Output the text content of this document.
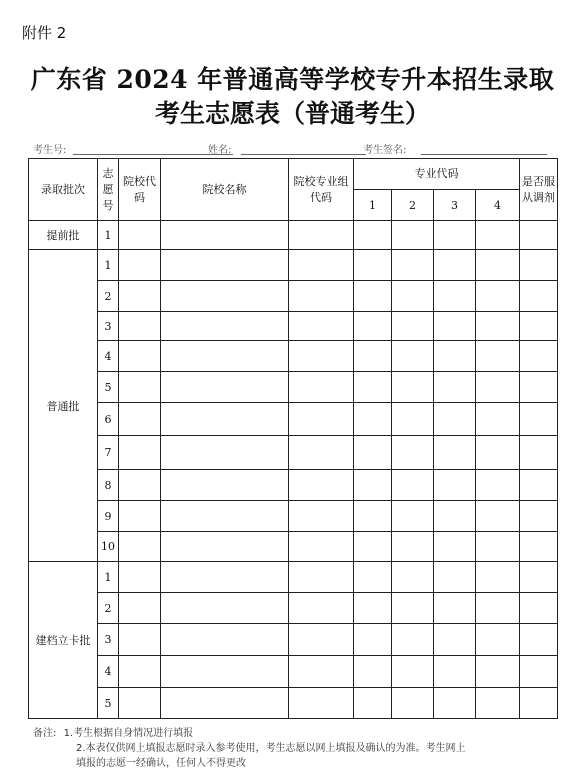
附件 2
广东省 2024 年普通高等学校专升本招生录取
考生志愿表（普通考生）
考生号:	姓名:	考生签名:
录取批次	志愿号	院校代码	院校名称	院校专业组代码	专业代码				是否服从调剂
					1	2	3	4	
提前批	1								
普通批	1								
	2								
	3								
	4								
	5								
	6								
	7								
	8								
	9								
	10								
建档立卡批	1								
	2								
	3								
	4								
	5								
备注: 1.考生根据自身情况进行填报
2.本表仅供网上填报志愿时录入参考使用，考生志愿以网上填报及确认的为准。考生网上
填报的志愿一经确认，任何人不得更改
